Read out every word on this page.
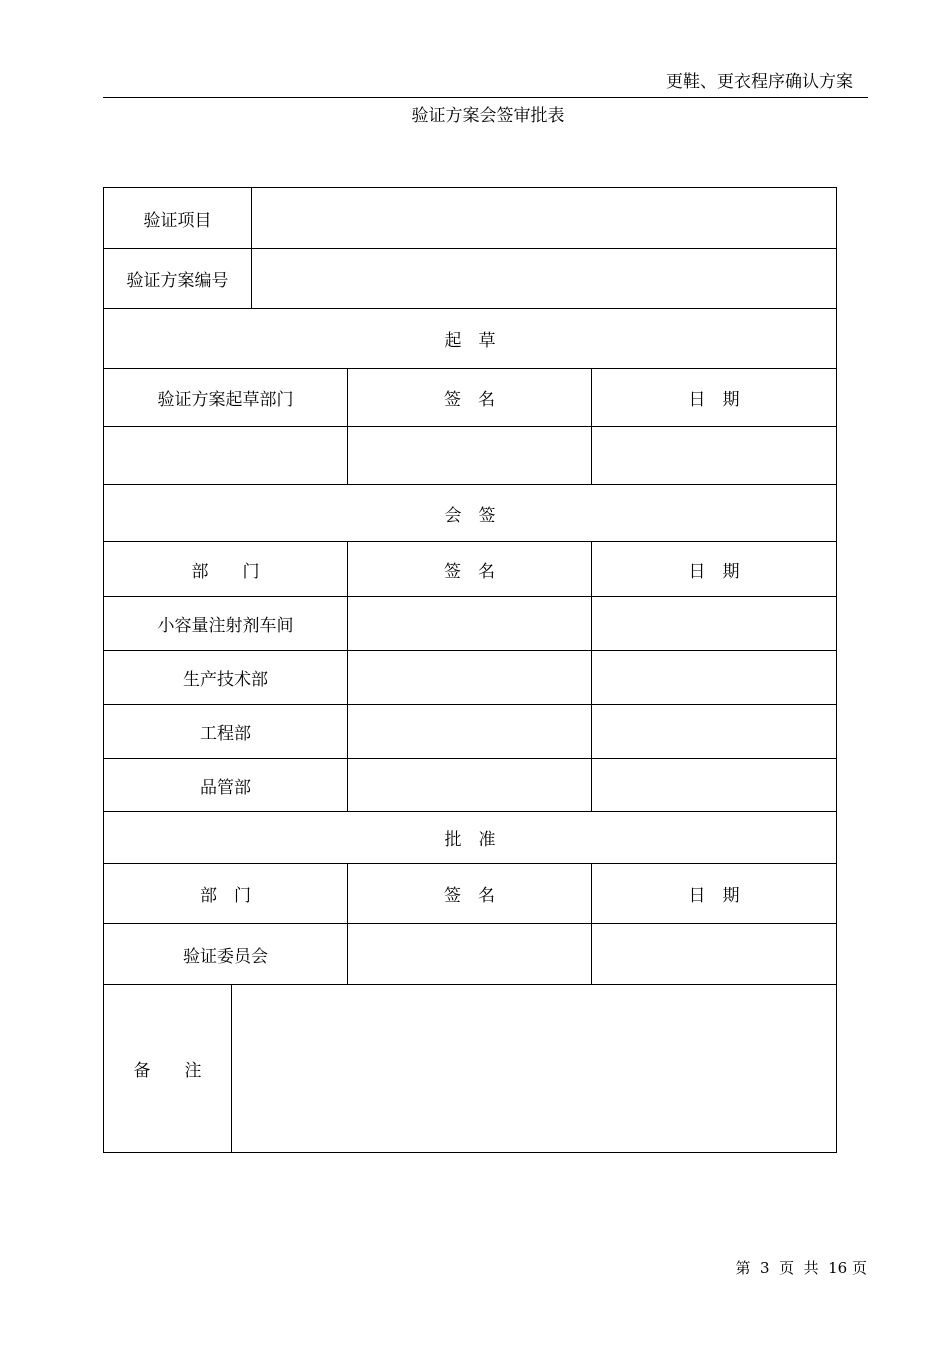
更鞋、更衣程序确认方案
验证方案会签审批表
验证项目				
验证方案编号				
起　草				
验证方案起草部门			签　名	日　期

会　签				
部　　门			签　名	日　期
小容量注射剂车间				
生产技术部				
工程部				
品管部				
批　准				
部　门			签　名	日　期
验证委员会				
备　　注				
第  3  页  共  16 页
